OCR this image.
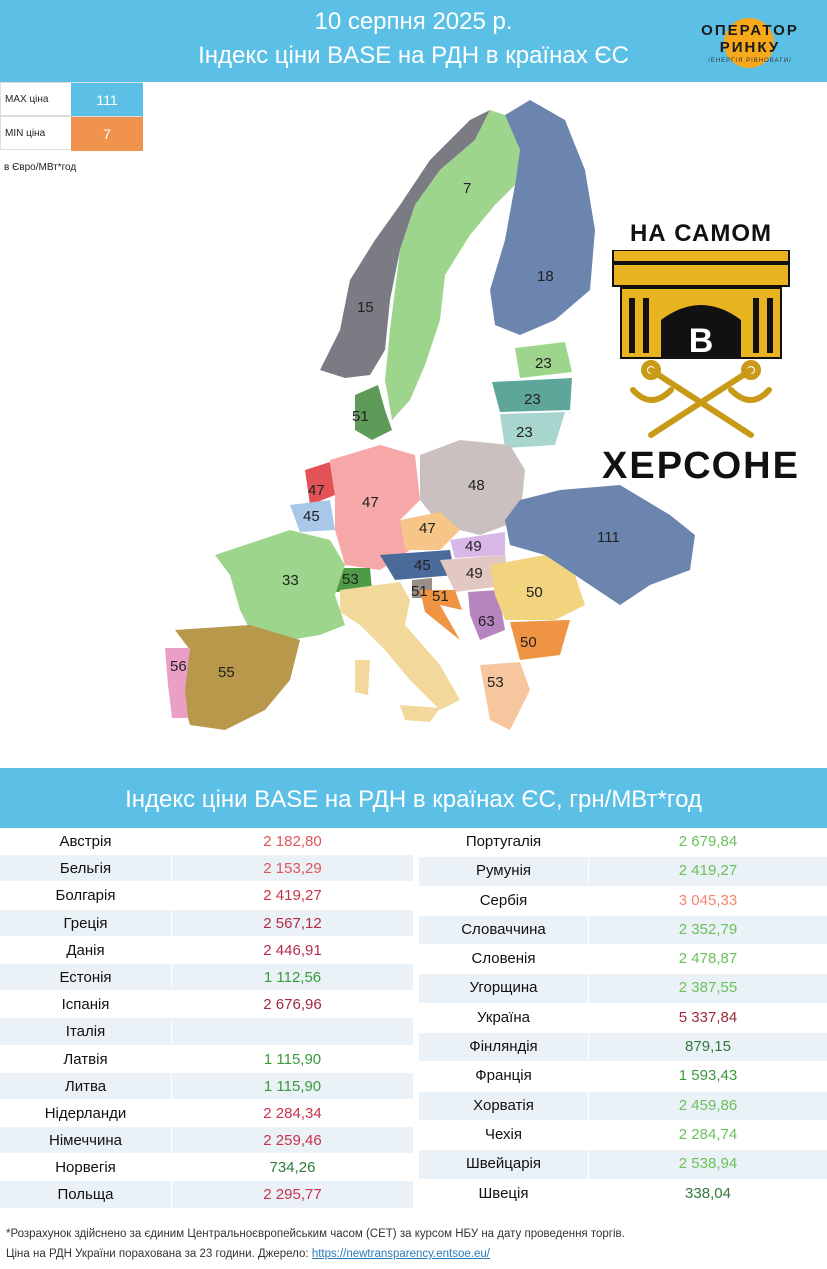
10 серпня 2025 р.
Індекс ціни BASE на РДН в країнах ЄС
ОПЕРАТОР
РИНКУ
/ЕНЕРГІЯ РІВНОВАГИ/
MAX ціна	111
MIN ціна	7
в Євро/МВт*год
15
7
18
23
23
23
51
47
45
47
48
47
49
45 49
53
51 51
63
50
50
53
111
33
55
56
НА САМОМ
В
ХЕРСОНЕ
Індекс ціни BASE на РДН в країнах ЄС, грн/МВт*год
Австрія	2 182,80
Бельгія	2 153,29
Болгарія	2 419,27
Греція	2 567,12
Данія	2 446,91
Естонія	1 112,56
Іспанія	2 676,96
Італія
Латвія	1 115,90
Литва	1 115,90
Нідерланди	2 284,34
Німеччина	2 259,46
Норвегія	734,26
Польща	2 295,77
Португалія	2 679,84
Румунія	2 419,27
Сербія	3 045,33
Словаччина	2 352,79
Словенія	2 478,87
Угорщина	2 387,55
Україна	5 337,84
Фінляндія	879,15
Франція	1 593,43
Хорватія	2 459,86
Чехія	2 284,74
Швейцарія	2 538,94
Швеція	338,04
*Розрахунок здійснено за єдиним Центральноєвропейським часом (CET) за курсом НБУ на дату проведення торгів.
Ціна на РДН України порахована за 23 години. Джерело: https://newtransparency.entsoe.eu/
